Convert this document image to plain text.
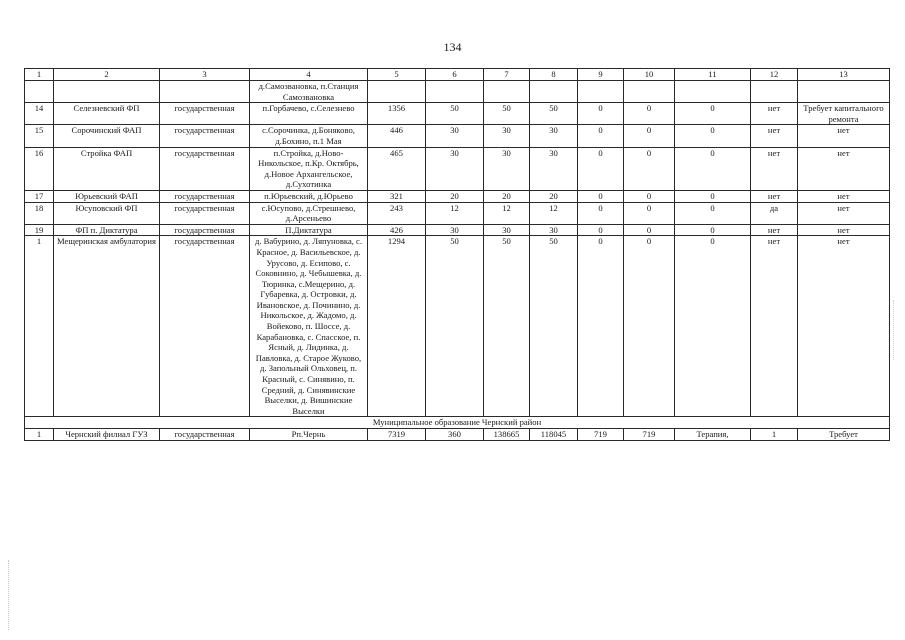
134
1	2	3	4	5	6	7	8	9	10	11	12	13
			д.Самозвановка, п.Станция Самозвановка									
14	Селезневский ФП	государственная	п.Горбачево, с.Селезнево	1356	50	50	50	0	0	0	нет	Требует капитального ремонта
15	Сорочинский ФАП	государственная	с.Сорочинка, д.Боняково, д.Бохино, п.1 Мая	446	30	30	30	0	0	0	нет	нет
16	Стройка ФАП	государственная	п.Стройка, д.Ново-Никольское, п.Кр. Октябрь, д.Новое Архангельское, д.Сухотинка	465	30	30	30	0	0	0	нет	нет
17	Юрьевский ФАП	государственная	п.Юрьевский, д.Юрьево	321	20	20	20	0	0	0	нет	нет
18	Юсуповский ФП	государственная	с.Юсупово, д.Стрешнево, д.Арсеньево	243	12	12	12	0	0	0	да	нет
19	ФП п. Диктатура	государственная	П.Диктатура	426	30	30	30	0	0	0	нет	нет
1	Мещеринская амбулатория	государственная	д. Вабурино, д. Ляпуновка, с. Красное, д. Васильевское, д. Урусово, д. Есипово, с. Соковнино, д. Чебышевка, д. Тюринка, с.Мещерино, д. Губаревка, д. Островки, д. Ивановское, д. Починино, д. Никольское, д. Жадомо, д. Войеково, п. Шоссе, д. Карабановка, с. Спасское, п. Ясный, д. Лидинка, д. Павловка, д. Старое Жуково, д. Запольный Ольховец, п. Красный, с. Синявино, п. Средний, д. Синявинские Выселки, д. Вишинские Выселки	1294	50	50	50	0	0	0	нет	нет
Муниципальное образование Чернский район												
1	Чернский филиал ГУЗ	государственная	Рп.Чернь	7319	360	138665	118045	719	719	Терапия,	1	Требует
